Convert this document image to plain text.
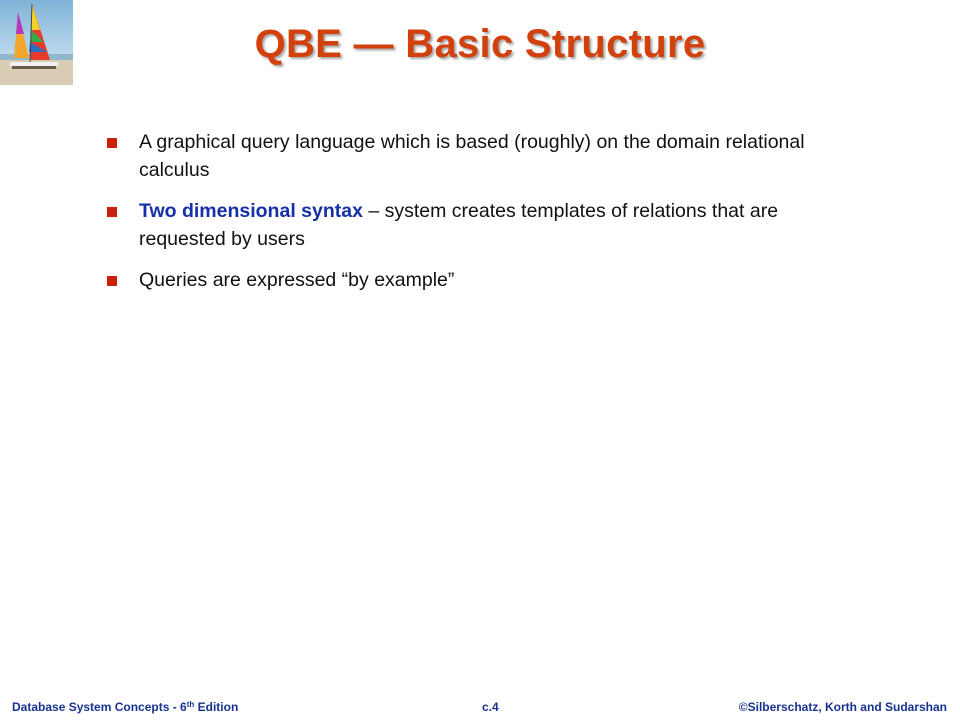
QBE — Basic Structure
A graphical query language which is based (roughly) on the domain relational calculus
Two dimensional syntax – system creates templates of relations that are requested by users
Queries are expressed “by example”
Database System Concepts - 6th Edition	c.4	©Silberschatz, Korth and Sudarshan
